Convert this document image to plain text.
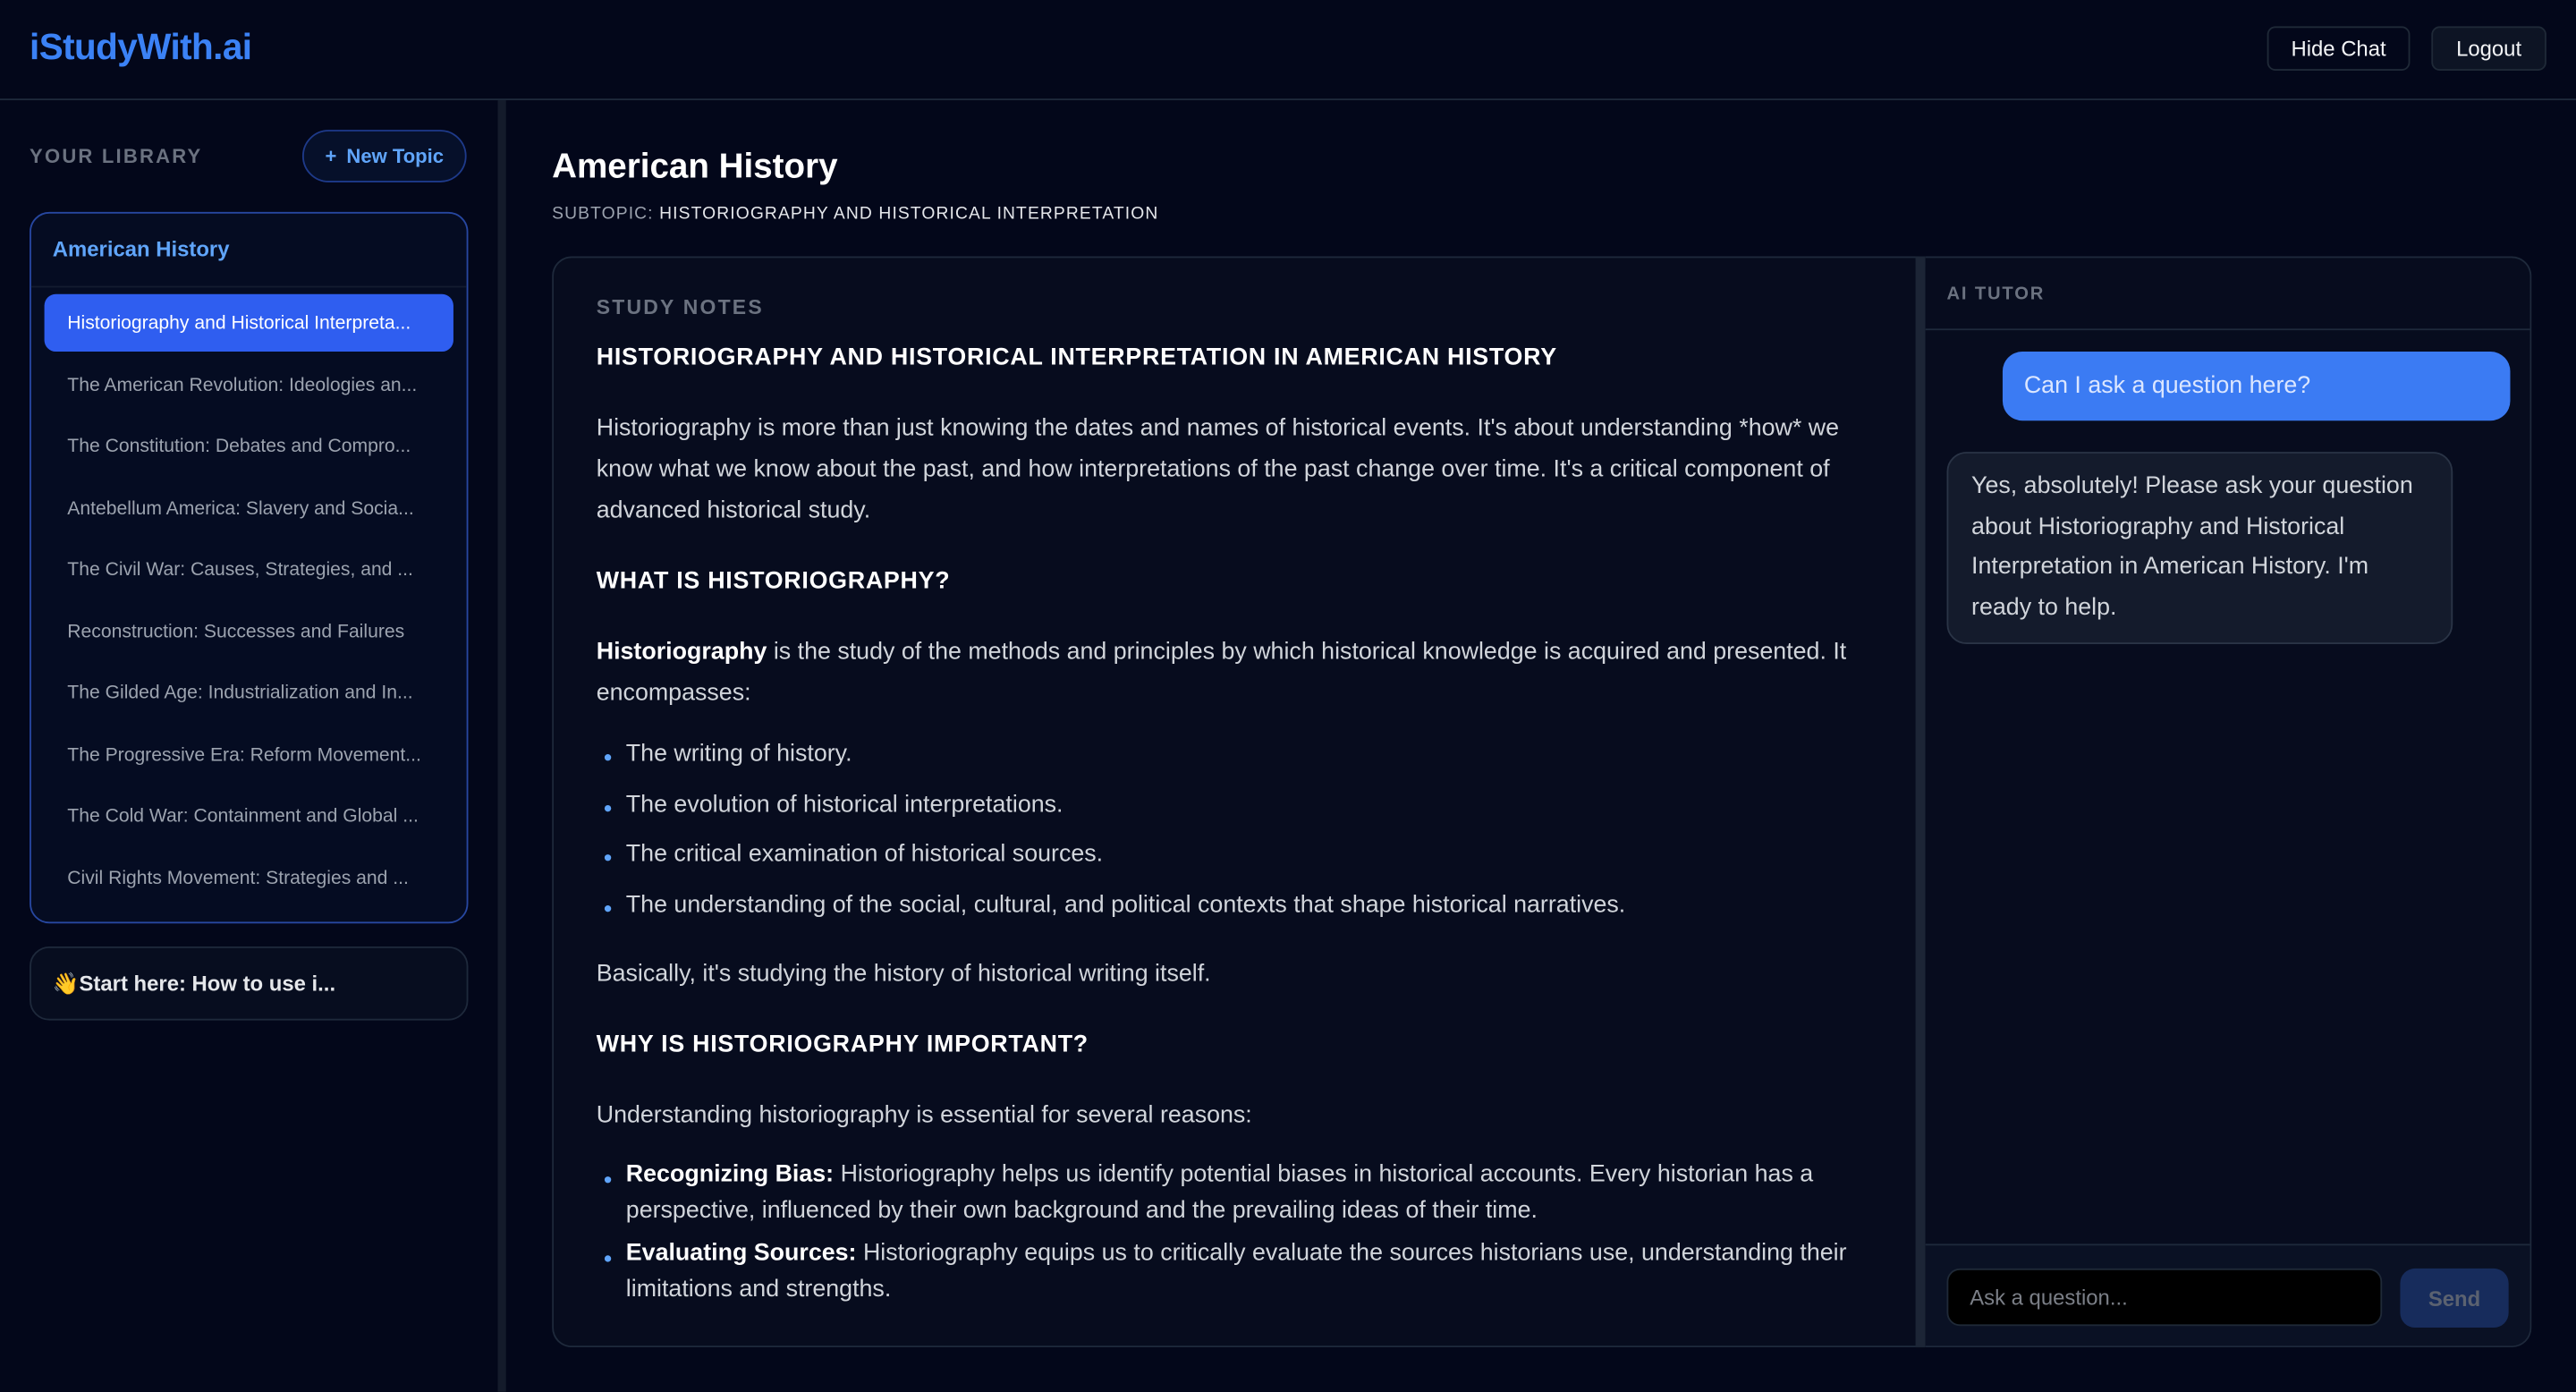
iStudyWith.ai	Hide Chat	Logout
YOUR LIBRARY	+ New Topic
American History
Historiography and Historical Interpreta...
The American Revolution: Ideologies an...
The Constitution: Debates and Compro...
Antebellum America: Slavery and Socia...
The Civil War: Causes, Strategies, and ...
Reconstruction: Successes and Failures
The Gilded Age: Industrialization and In...
The Progressive Era: Reform Movement...
The Cold War: Containment and Global ...
Civil Rights Movement: Strategies and ...
👋 Start here: How to use i...
American History
SUBTOPIC: HISTORIOGRAPHY AND HISTORICAL INTERPRETATION
STUDY NOTES
HISTORIOGRAPHY AND HISTORICAL INTERPRETATION IN AMERICAN HISTORY

Historiography is more than just knowing the dates and names of historical events. It's about understanding *how* we know what we know about the past, and how interpretations of the past change over time. It's a critical component of advanced historical study.

WHAT IS HISTORIOGRAPHY?

Historiography is the study of the methods and principles by which historical knowledge is acquired and presented. It encompasses:

The writing of history.
The evolution of historical interpretations.
The critical examination of historical sources.
The understanding of the social, cultural, and political contexts that shape historical narratives.

Basically, it's studying the history of historical writing itself.

WHY IS HISTORIOGRAPHY IMPORTANT?

Understanding historiography is essential for several reasons:

Recognizing Bias: Historiography helps us identify potential biases in historical accounts. Every historian has a perspective, influenced by their own background and the prevailing ideas of their time.
Evaluating Sources: Historiography equips us to critically evaluate the sources historians use, understanding their limitations and strengths.
AI TUTOR
Can I ask a question here?
Yes, absolutely! Please ask your question about Historiography and Historical Interpretation in American History. I'm ready to help.
Ask a question...
Send
